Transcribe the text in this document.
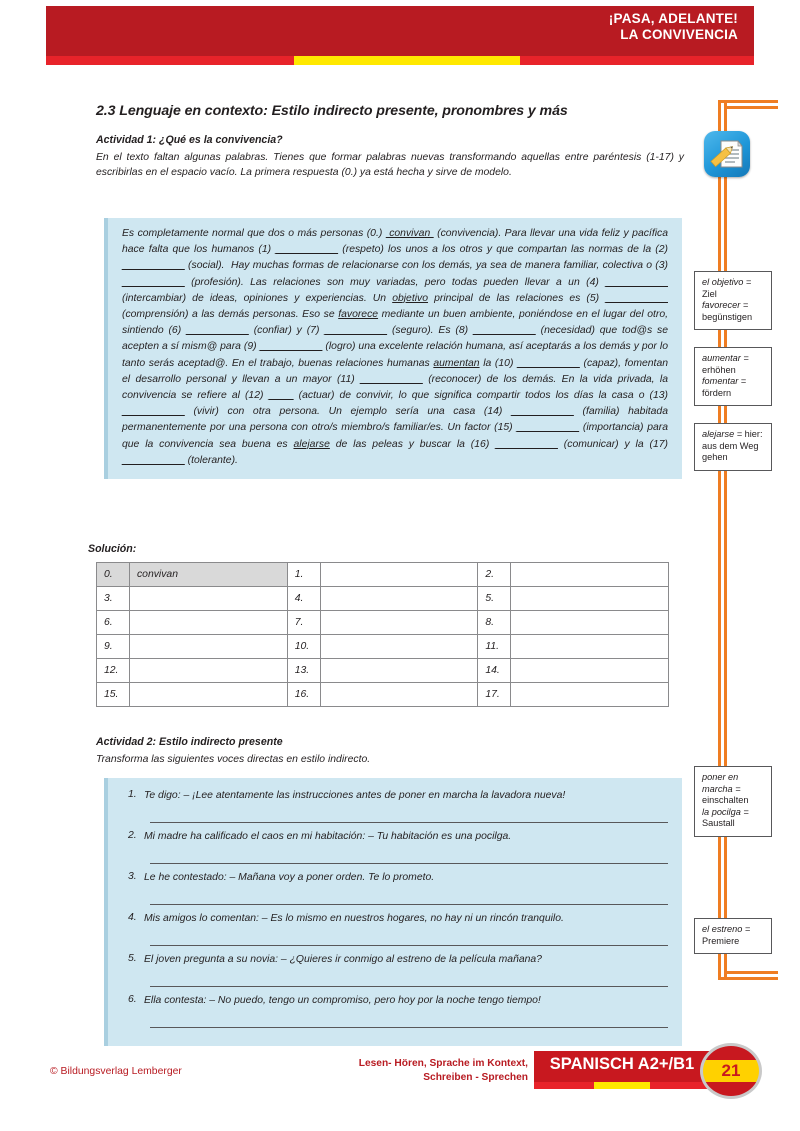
¡PASA, ADELANTE!
LA CONVIVENCIA 2
el objetivo = Ziel
favorecer = begünstigen
aumentar = erhöhen
fomentar = fördern
alejarse = hier: aus dem Weg gehen
poner en marcha = einschalten
la pocilga = Saustall
el estreno = Premiere
2.3 Lenguaje en contexto: Estilo indirecto presente, pronombres y más
Actividad 1: ¿Qué es la convivencia?
En el texto faltan algunas palabras. Tienes que formar palabras nuevas transformando aquellas entre paréntesis (1-17) y escribirlas en el espacio vacío. La primera respuesta (0.) ya está hecha y sirve de modelo.

Es completamente normal que dos o más personas (0.)  convivan  (convivencia). Para llevar una vida feliz y pacífica hace falta que los humanos (1) __________ (respeto) los unos a los otros y que compartan las normas de la (2) __________ (social).  Hay muchas formas de relacionarse con los demás, ya sea de manera familiar, colectiva o (3) __________ (profesión). Las relaciones son muy variadas, pero todas pueden llevar a un (4) __________ (intercambiar) de ideas, opiniones y experiencias. Un objetivo principal de las relaciones es (5) __________ (comprensión) a las demás personas. Eso se favorece mediante un buen ambiente, poniéndose en el lugar del otro, sintiendo (6) __________ (confiar) y (7) __________ (seguro). Es (8) __________ (necesidad) que tod@s se acepten a sí mism@ para (9) __________ (logro) una excelente relación humana, así aceptarás a los demás y por lo tanto serás aceptad@. En el trabajo, buenas relaciones humanas aumentan la (10) __________ (capaz), fomentan el desarrollo personal y llevan a un mayor (11) __________ (reconocer) de los demás. En la vida privada, la convivencia se refiere al (12) ____ (actuar) de convivir, lo que significa compartir todos los días la casa o (13) __________ (vivir) con otra persona. Un ejemplo sería una casa (14) __________ (familia) habitada permanentemente por una persona con otro/s miembro/s familiar/es. Un factor (15) __________ (importancia) para que la convivencia sea buena es alejarse de las peleas y buscar la (16) __________ (comunicar) y la (17) __________ (tolerante).

Solución:
0.	convivan	1.		2.	
3.		4.		5.	
6.		7.		8.	
9.		10.		11.	
12.		13.		14.	
15.		16.		17.	
Actividad 2: Estilo indirecto presente
Transforma las siguientes voces directas en estilo indirecto.
1. Te digo: – ¡Lee atentamente las instrucciones antes de poner en marcha la lavadora nueva!
2. Mi madre ha calificado el caos en mi habitación: – Tu habitación es una pocilga.
3. Le he contestado: – Mañana voy a poner orden. Te lo prometo.
4. Mis amigos lo comentan: – Es lo mismo en nuestros hogares, no hay ni un rincón tranquilo.
5. El joven pregunta a su novia: – ¿Quieres ir conmigo al estreno de la película mañana?
6. Ella contesta: – No puedo, tengo un compromiso, pero hoy por la noche tengo tiempo!
© Bildungsverlag Lemberger
Lesen- Hören, Sprache im Kontext,
Schreiben - Sprechen
SPANISCH A2+/B1	21
